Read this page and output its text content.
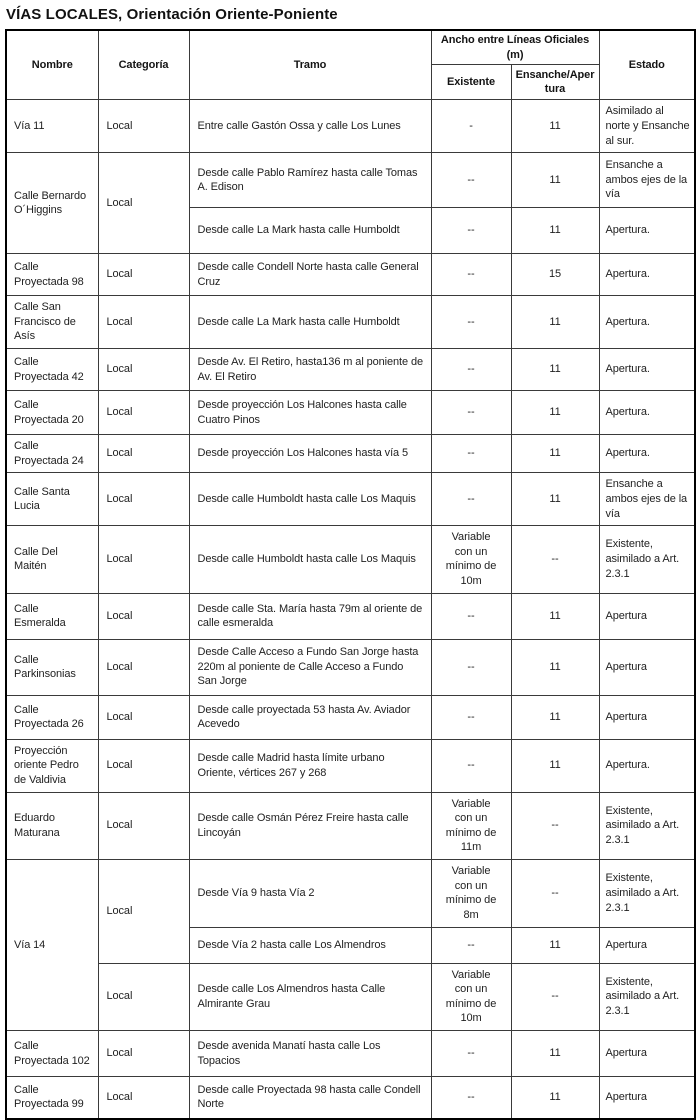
VÍAS LOCALES, Orientación Oriente-Poniente
Nombre	Categoría	Tramo	Ancho entre Líneas Oficiales (m)		Estado
			Existente	Ensanche/Apertura	
Vía 11	Local	Entre calle Gastón Ossa y calle Los Lunes	-	11	Asimilado al norte y Ensanche al sur.
Calle Bernardo O´Higgins	Local	Desde calle Pablo Ramírez hasta calle Tomas A. Edison	--	11	Ensanche a ambos ejes de la vía
		Desde calle La Mark hasta calle Humboldt	--	11	Apertura.
Calle Proyectada 98	Local	Desde calle Condell Norte hasta calle General Cruz	--	15	Apertura.
Calle San Francisco de Asís	Local	Desde calle La Mark hasta calle Humboldt	--	11	Apertura.
Calle Proyectada 42	Local	Desde Av. El Retiro, hasta136 m al poniente de Av. El Retiro	--	11	Apertura.
Calle Proyectada 20	Local	Desde proyección Los Halcones hasta calle Cuatro Pinos	--	11	Apertura.
Calle Proyectada 24	Local	Desde proyección Los Halcones hasta vía 5	--	11	Apertura.
Calle Santa Lucia	Local	Desde calle Humboldt hasta calle Los Maquis	--	11	Ensanche a ambos ejes de la vía
Calle Del Maitén	Local	Desde calle Humboldt hasta calle Los Maquis	Variable con un mínimo de 10m	--	Existente, asimilado a Art. 2.3.1
Calle Esmeralda	Local	Desde calle Sta. María hasta 79m al oriente de calle esmeralda	--	11	Apertura
Calle Parkinsonias	Local	Desde Calle Acceso a Fundo San Jorge hasta 220m al poniente de Calle Acceso a Fundo San Jorge	--	11	Apertura
Calle Proyectada 26	Local	Desde calle proyectada 53 hasta Av. Aviador Acevedo	--	11	Apertura
Proyección oriente Pedro de Valdivia	Local	Desde calle Madrid hasta límite urbano Oriente, vértices 267 y 268	--	11	Apertura.
Eduardo Maturana	Local	Desde calle Osmán Pérez Freire hasta calle Lincoyán	Variable con un mínimo de 11m	--	Existente, asimilado a Art. 2.3.1
Vía 14	Local	Desde Vía 9 hasta Vía 2	Variable con un mínimo de 8m	--	Existente, asimilado a Art. 2.3.1
		Desde Vía 2 hasta calle Los Almendros	--	11	Apertura
	Local	Desde calle Los Almendros hasta Calle Almirante Grau	Variable con un mínimo de 10m	--	Existente, asimilado a Art. 2.3.1
Calle Proyectada 102	Local	Desde avenida Manatí hasta calle Los Topacios	--	11	Apertura
Calle Proyectada 99	Local	Desde calle Proyectada 98 hasta calle Condell Norte	--	11	Apertura
